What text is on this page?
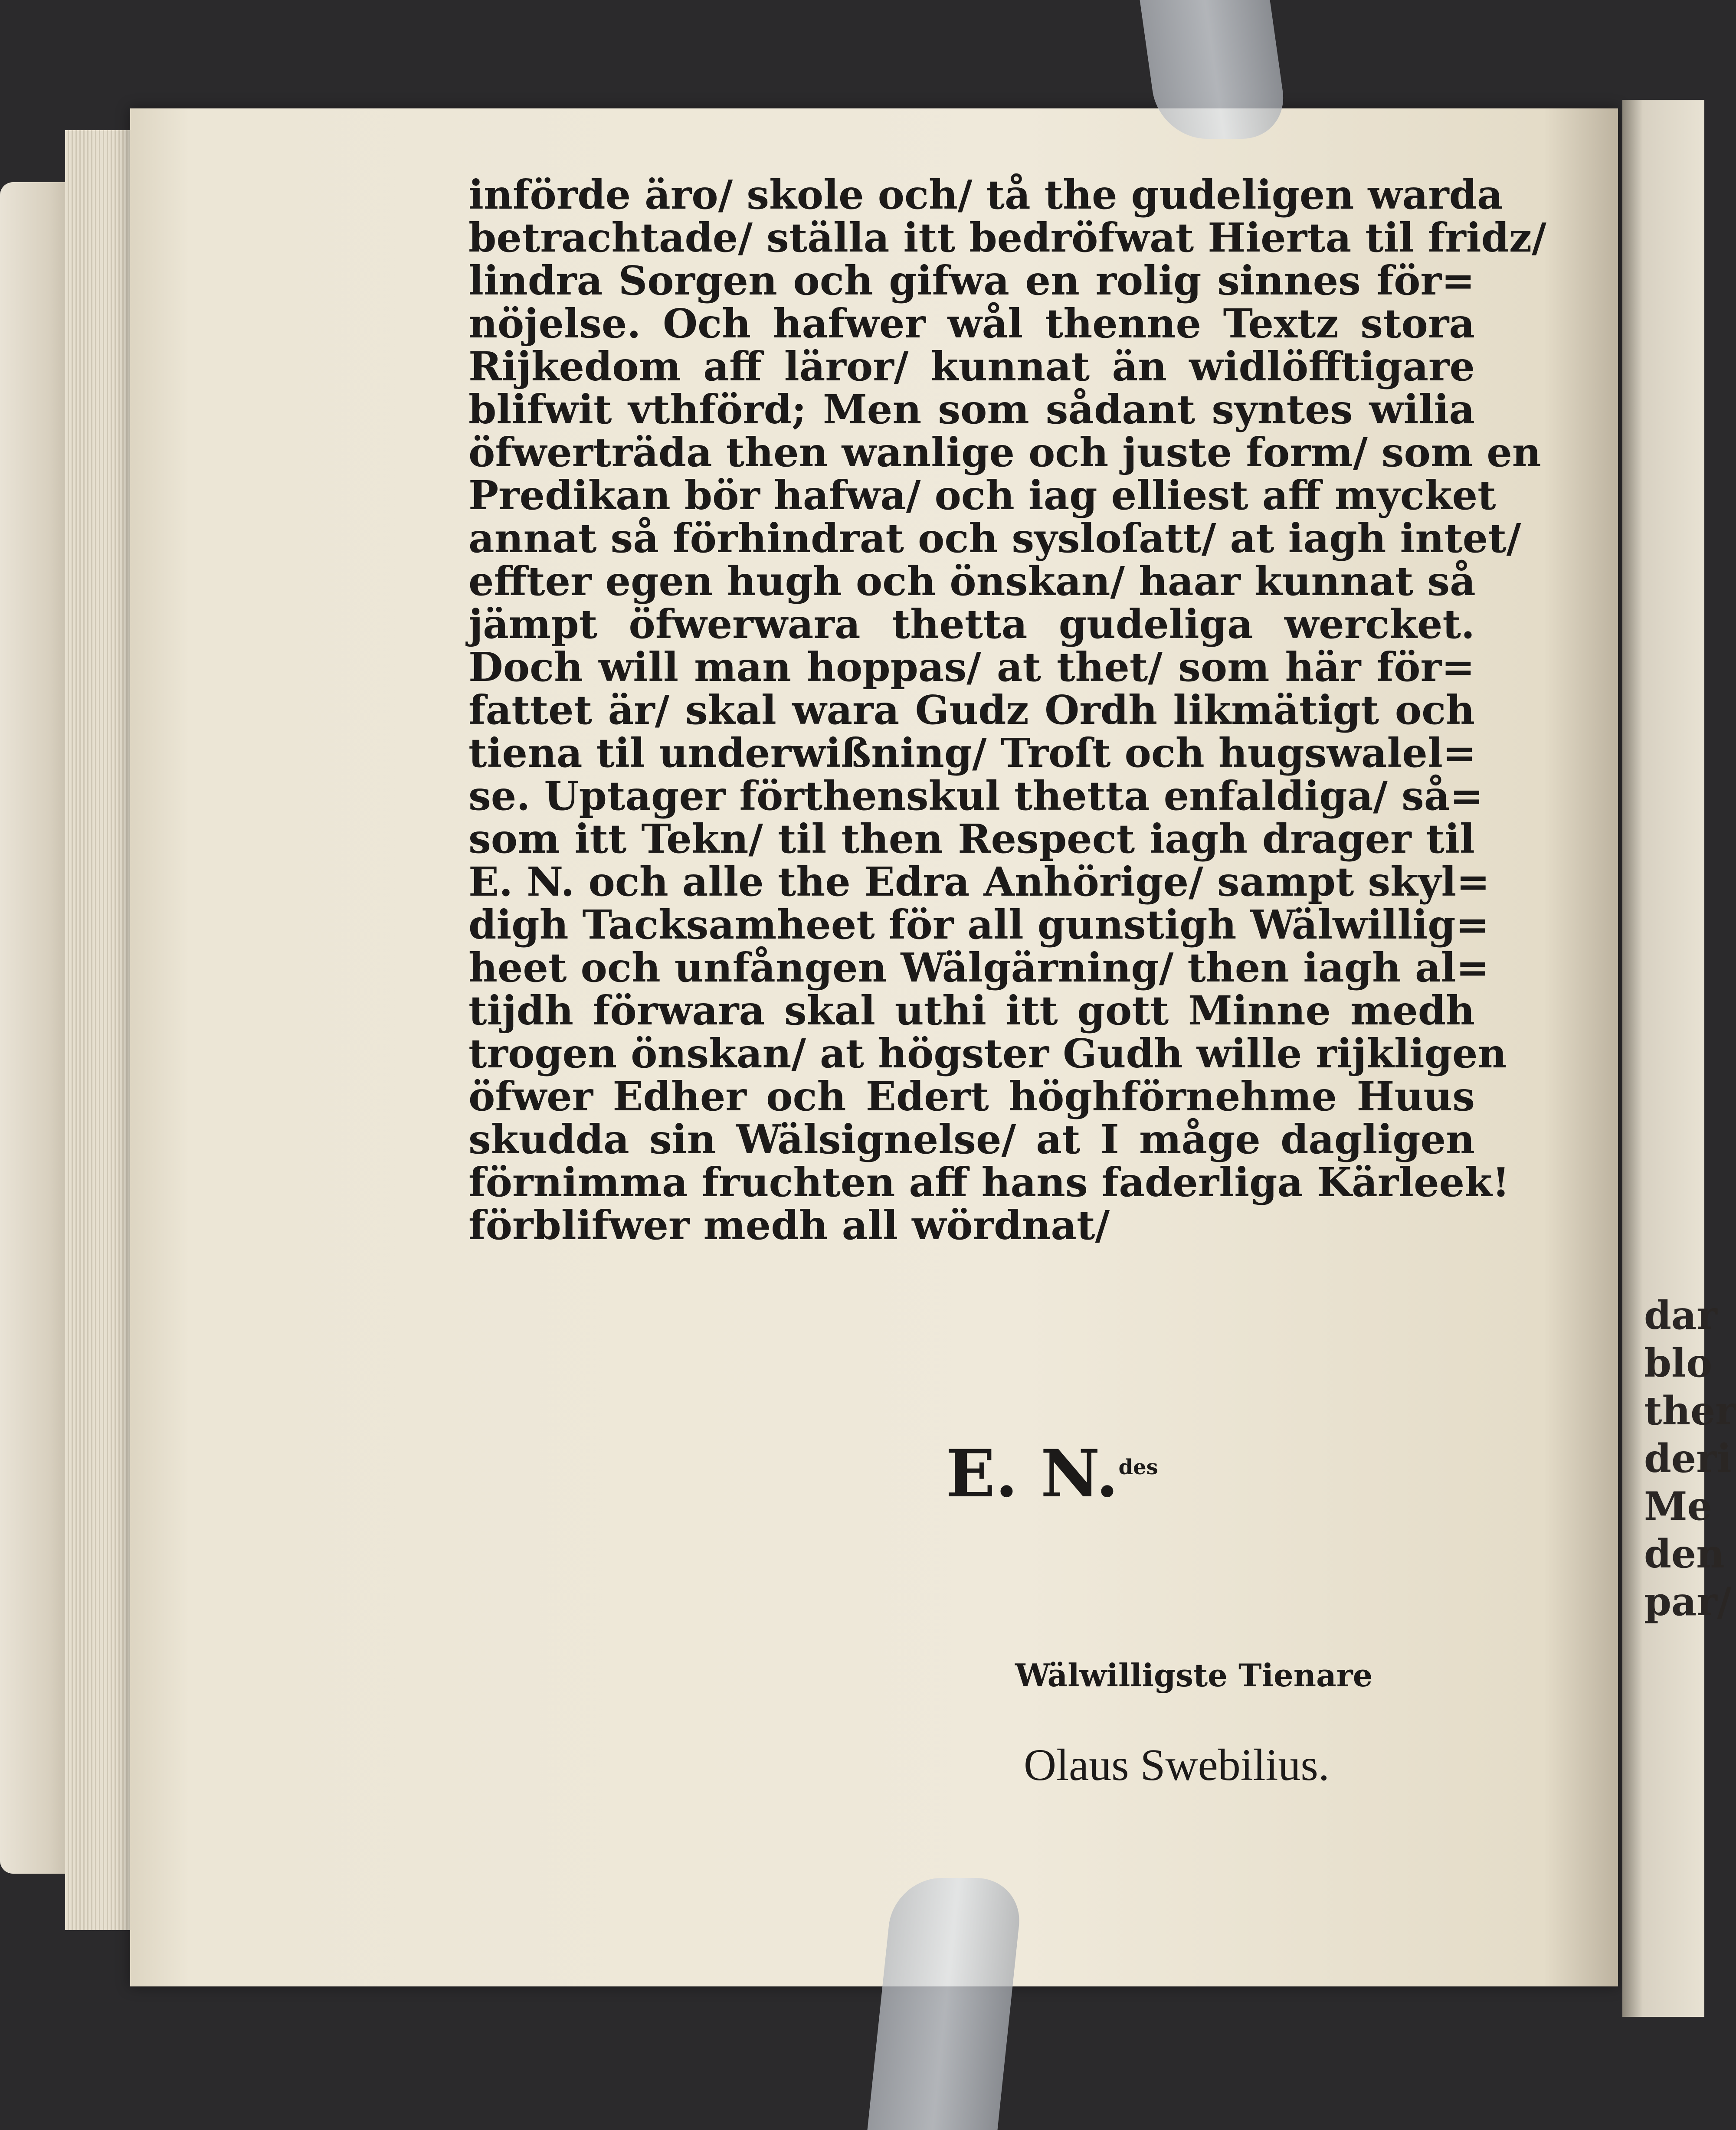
dar
blo
ther
deri
Me
den
par/
införde äro/ skole och/ tå the gudeligen warda
betrachtade/ ställa itt bedröfwat Hierta til fridz/
lindra Sorgen och gifwa en rolig sinnes för=
nöjelse. Och hafwer wål thenne Textz stora
Rijkedom aff läror/ kunnat än widlöfftigare
blifwit vthförd; Men som sådant syntes wilia
öfwerträda then wanlige och juste form/ som en
Predikan bör hafwa/ och iag elliest aff mycket
annat så förhindrat och sysloſatt/ at iagh intet/
effter egen hugh och önskan/ haar kunnat så
jämpt öfwerwara thetta gudeliga wercket.
Doch will man hoppas/ at thet/ som här för=
fattet är/ skal wara Gudz Ordh likmätigt och
tiena til underwißning/ Troſt och hugswalel=
se. Uptager förthenskul thetta enfaldiga/ så=
som itt Tekn/ til then Respect iagh drager til
E. N. och alle the Edra Anhörige/ sampt skyl=
digh Tacksamheet för all gunstigh Wälwillig=
heet och unfången Wälgärning/ then iagh al=
tijdh förwara skal uthi itt gott Minne medh
trogen önskan/ at högster Gudh wille rijkligen
öfwer Edher och Edert höghförnehme Huus
skudda sin Wälsignelse/ at I måge dagligen
förnimma fruchten aff hans faderliga Kärleek!
förblifwer medh all wördnat/
E. N.$^{des}$
Wälwilligste Tienare
Olaus Swebilius.
